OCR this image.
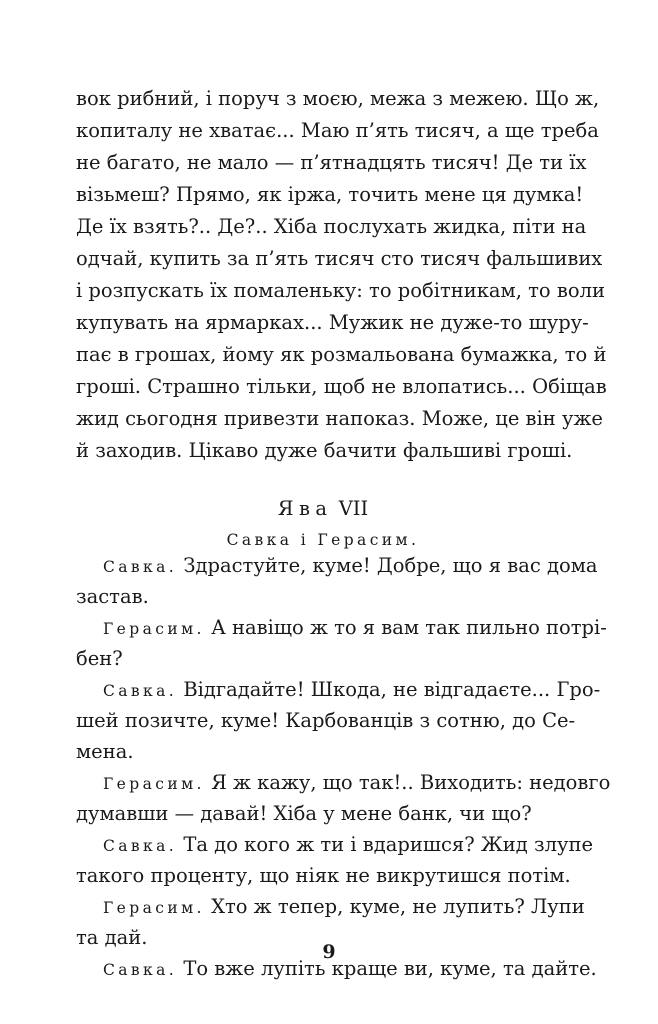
вок рибний, і поруч з моєю, межа з межею. Що ж,
копиталу не хватає... Маю п’ять тисяч, а ще треба
не багато, не мало — п’ятнадцять тисяч! Де ти їх
візьмеш? Прямо, як іржа, точить мене ця думка!
Де їх взять?.. Де?.. Хіба послухать жидка, піти на
одчай, купить за п’ять тисяч сто тисяч фальшивих
і розпускать їх помаленьку: то робітникам, то воли
купувать на ярмарках... Мужик не дуже-то шуру-
пає в грошах, йому як розмальована бумажка, то й
гроші. Страшно тільки, щоб не влопатись... Обіщав
жид сьогодня привезти напоказ. Може, це він уже
й заходив. Цікаво дуже бачити фальшиві гроші.
Ява VII
Савка і Герасим.
Савка. Здрастуйте, куме! Добре, що я вас дома
застав.
Герасим. А навіщо ж то я вам так пильно потрі-
бен?
Савка. Відгадайте! Шкода, не відгадаєте... Гро-
шей позичте, куме! Карбованців з сотню, до Се-
мена.
Герасим. Я ж кажу, що так!.. Виходить: недовго
думавши — давай! Хіба у мене банк, чи що?
Савка. Та до кого ж ти і вдаришся? Жид злупе
такого проценту, що ніяк не викрутишся потім.
Герасим. Хто ж тепер, куме, не лупить? Лупи
та дай.
Савка. То вже лупіть краще ви, куме, та дайте.
9
